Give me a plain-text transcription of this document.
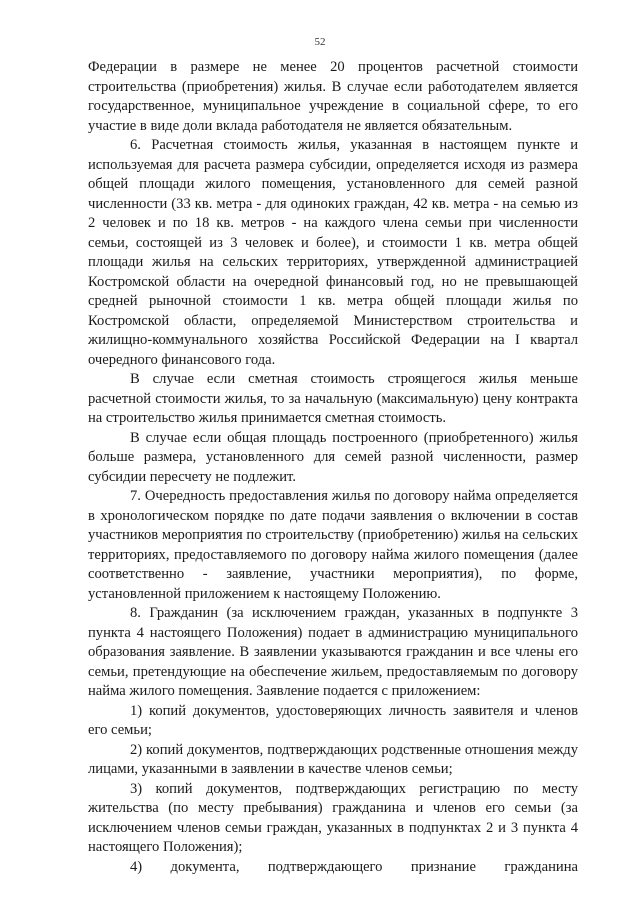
52

Федерации в размере не менее 20 процентов расчетной стоимости строительства (приобретения) жилья. В случае если работодателем является государственное, муниципальное учреждение в социальной сфере, то его участие в виде доли вклада работодателя не является обязательным.

6. Расчетная стоимость жилья, указанная в настоящем пункте и используемая для расчета размера субсидии, определяется исходя из размера общей площади жилого помещения, установленного для семей разной численности (33 кв. метра - для одиноких граждан, 42 кв. метра - на семью из 2 человек и по 18 кв. метров - на каждого члена семьи при численности семьи, состоящей из 3 человек и более), и стоимости 1 кв. метра общей площади жилья на сельских территориях, утвержденной администрацией Костромской области на очередной финансовый год, но не превышающей средней рыночной стоимости 1 кв. метра общей площади жилья по Костромской области, определяемой Министерством строительства и жилищно-коммунального хозяйства Российской Федерации на I квартал очередного финансового года.

В случае если сметная стоимость строящегося жилья меньше расчетной стоимости жилья, то за начальную (максимальную) цену контракта на строительство жилья принимается сметная стоимость.

В случае если общая площадь построенного (приобретенного) жилья больше размера, установленного для семей разной численности, размер субсидии пересчету не подлежит.

7. Очередность предоставления жилья по договору найма определяется в хронологическом порядке по дате подачи заявления о включении в состав участников мероприятия по строительству (приобретению) жилья на сельских территориях, предоставляемого по договору найма жилого помещения (далее соответственно - заявление, участники мероприятия), по форме, установленной приложением к настоящему Положению.

8. Гражданин (за исключением граждан, указанных в подпункте 3 пункта 4 настоящего Положения) подает в администрацию муниципального образования заявление. В заявлении указываются гражданин и все члены его семьи, претендующие на обеспечение жильем, предоставляемым по договору найма жилого помещения. Заявление подается с приложением:

1) копий документов, удостоверяющих личность заявителя и членов его семьи;

2) копий документов, подтверждающих родственные отношения между лицами, указанными в заявлении в качестве членов семьи;

3) копий документов, подтверждающих регистрацию по месту жительства (по месту пребывания) гражданина и членов его семьи (за исключением членов семьи граждан, указанных в подпунктах 2 и 3 пункта 4 настоящего Положения);

4) документа, подтверждающего признание гражданина
